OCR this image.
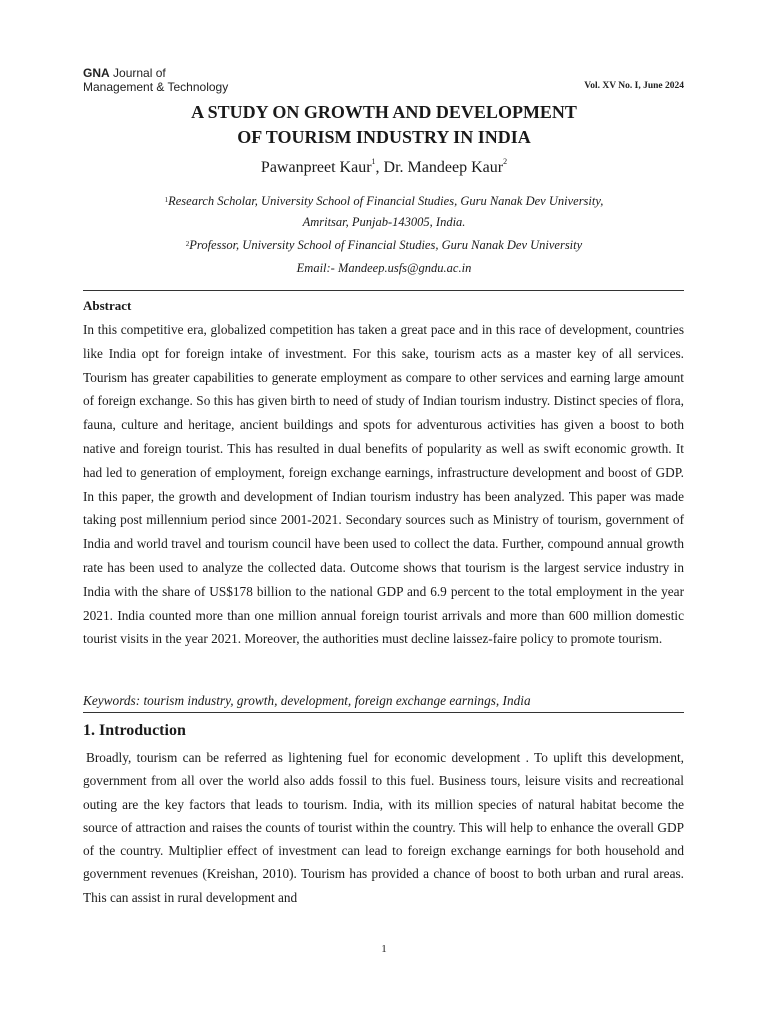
GNA Journal of
Management & Technology	Vol. XV No. I, June 2024
A STUDY ON GROWTH AND DEVELOPMENT
OF TOURISM INDUSTRY IN INDIA
Pawanpreet Kaur$^1$, Dr. Mandeep Kaur$^2$
$^1$Research Scholar, University School of Financial Studies, Guru Nanak Dev University,
Amritsar, Punjab-143005, India.
$^2$Professor, University School of Financial Studies, Guru Nanak Dev University
Email:- Mandeep.usfs@gndu.ac.in
Abstract
In this competitive era, globalized competition has taken a great pace and in this race of development, countries like India opt for foreign intake of investment. For this sake, tourism acts as a master key of all services. Tourism has greater capabilities to generate employment as compare to other services and earning large amount of foreign exchange. So this has given birth to need of study of Indian tourism industry. Distinct species of flora, fauna, culture and heritage, ancient buildings and spots for adventurous activities has given a boost to both native and foreign tourist. This has resulted in dual benefits of popularity as well as swift economic growth. It had led to generation of employment, foreign exchange earnings, infrastructure development and boost of GDP. In this paper, the growth and development of Indian tourism industry has been analyzed. This paper was made taking post millennium period since 2001-2021. Secondary sources such as Ministry of tourism, government of India and world travel and tourism council have been used to collect the data. Further, compound annual growth rate has been used to analyze the collected data. Outcome shows that tourism is the largest service industry in India with the share of US$178 billion to the national GDP and 6.9 percent to the total employment in the year 2021. India counted more than one million annual foreign tourist arrivals and more than 600 million domestic tourist visits in the year 2021. Moreover, the authorities must decline laissez-faire policy to promote tourism.
Keywords: tourism industry, growth, development, foreign exchange earnings, India
1. Introduction

Broadly, tourism can be referred as lightening fuel for economic development . To uplift this development, government from all over the world also adds fossil to this fuel. Business tours, leisure visits and recreational outing are the key factors that leads to tourism. India, with its million species of natural habitat become the source of attraction and raises the counts of tourist within the country. This will help to enhance the overall GDP of the country. Multiplier effect of investment can lead to foreign exchange earnings for both household and government revenues (Kreishan, 2010). Tourism has provided a chance of boost to both urban and rural areas. This can assist in rural development and

1
